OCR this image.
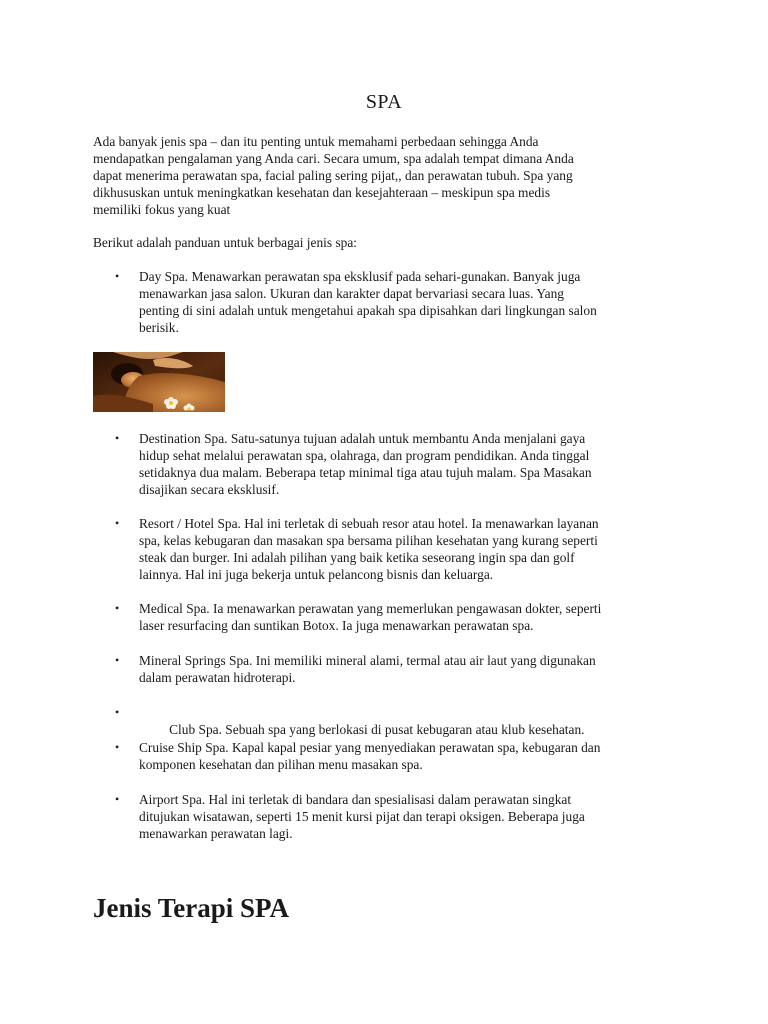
SPA

Ada banyak jenis spa – dan itu penting untuk memahami perbedaan sehingga Anda
mendapatkan pengalaman yang Anda cari. Secara umum, spa adalah tempat dimana Anda
dapat menerima perawatan spa, facial paling sering pijat,, dan perawatan tubuh. Spa yang
dikhususkan untuk meningkatkan kesehatan dan kesejahteraan – meskipun spa medis
memiliki fokus yang kuat

Berikut adalah panduan untuk berbagai jenis spa:

•	Day Spa. Menawarkan perawatan spa eksklusif pada sehari-gunakan. Banyak juga
menawarkan jasa salon. Ukuran dan karakter dapat bervariasi secara luas. Yang
penting di sini adalah untuk mengetahui apakah spa dipisahkan dari lingkungan salon
berisik.
•	Destination Spa. Satu-satunya tujuan adalah untuk membantu Anda menjalani gaya
hidup sehat melalui perawatan spa, olahraga, dan program pendidikan. Anda tinggal
setidaknya dua malam. Beberapa tetap minimal tiga atau tujuh malam. Spa Masakan
disajikan secara eksklusif.
•	Resort / Hotel Spa. Hal ini terletak di sebuah resor atau hotel. Ia menawarkan layanan
spa, kelas kebugaran dan masakan spa bersama pilihan kesehatan yang kurang seperti
steak dan burger. Ini adalah pilihan yang baik ketika seseorang ingin spa dan golf
lainnya. Hal ini juga bekerja untuk pelancong bisnis dan keluarga.
•	Medical Spa. Ia menawarkan perawatan yang memerlukan pengawasan dokter, seperti
laser resurfacing dan suntikan Botox. Ia juga menawarkan perawatan spa.
•	Mineral Springs Spa. Ini memiliki mineral alami, termal atau air laut yang digunakan
dalam perawatan hidroterapi.
•

Club Spa. Sebuah spa yang berlokasi di pusat kebugaran atau klub kesehatan.

•	Cruise Ship Spa. Kapal kapal pesiar yang menyediakan perawatan spa, kebugaran dan
komponen kesehatan dan pilihan menu masakan spa.
•	Airport Spa. Hal ini terletak di bandara dan spesialisasi dalam perawatan singkat
ditujukan wisatawan, seperti 15 menit kursi pijat dan terapi oksigen. Beberapa juga
menawarkan perawatan lagi.
Jenis Terapi SPA
